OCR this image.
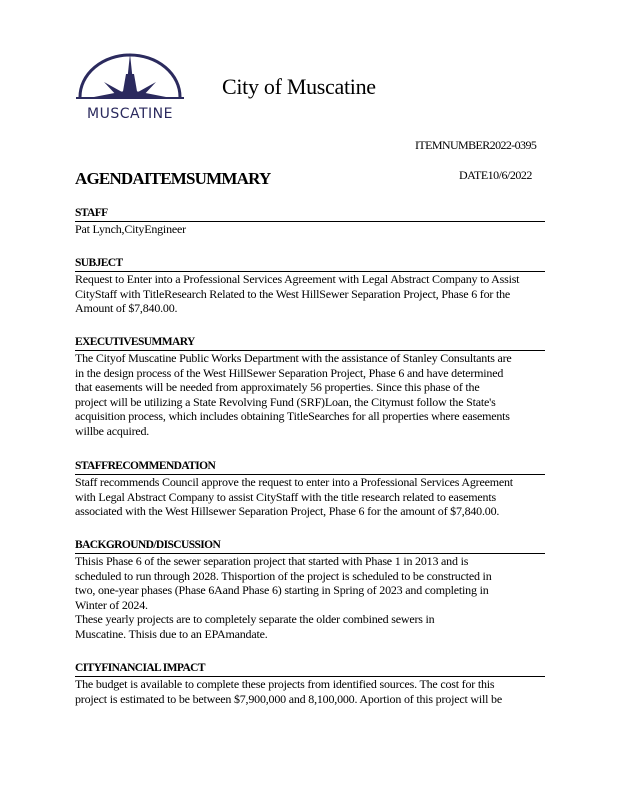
MUSCATINE
City of Muscatine
ITEMNUMBER2022-0395
AGENDAITEMSUMMARY	DATE10/6/2022
STAFF
Pat Lynch,CityEngineer
SUBJECT
Request to Enter into a Professional Services Agreement with Legal Abstract Company to Assist
CityStaff with TitleResearch Related to the West HillSewer Separation Project, Phase 6 for the
Amount of $7,840.00.
EXECUTIVESUMMARY
The Cityof Muscatine Public Works Department with the assistance of Stanley Consultants are
in the design process of the West HillSewer Separation Project, Phase 6 and have determined
that easements will be needed from approximately 56 properties. Since this phase of the
project will be utilizing a State Revolving Fund (SRF)Loan, the Citymust follow the State's
acquisition process, which includes obtaining TitleSearches for all properties where easements
willbe acquired.
STAFFRECOMMENDATION
Staff recommends Council approve the request to enter into a Professional Services Agreement
with Legal Abstract Company to assist CityStaff with the title research related to easements
associated with the West Hillsewer Separation Project, Phase 6 for the amount of $7,840.00.
BACKGROUND/DISCUSSION
Thisis Phase 6 of the sewer separation project that started with Phase 1 in 2013 and is
scheduled to run through 2028. Thisportion of the project is scheduled to be constructed in
two, one-year phases (Phase 6Aand Phase 6) starting in Spring of 2023 and completing in
Winter of 2024.
These yearly projects are to completely separate the older combined sewers in
Muscatine. Thisis due to an EPAmandate.
CITYFINANCIAL IMPACT
The budget is available to complete these projects from identified sources. The cost for this
project is estimated to be between $7,900,000 and 8,100,000. Aportion of this project will be
